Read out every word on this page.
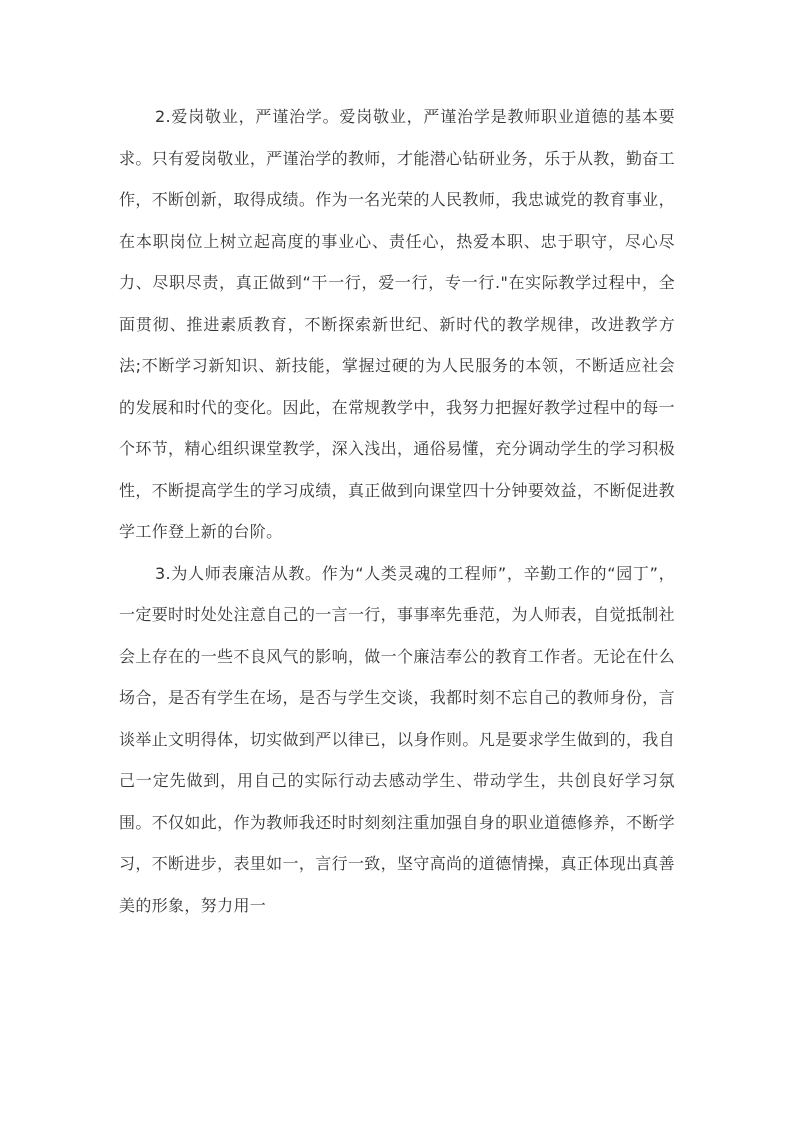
2.爱岗敬业，严谨治学。爱岗敬业，严谨治学是教师职业道德的基本要求。只有爱岗敬业，严谨治学的教师，才能潜心钻研业务，乐于从教，勤奋工作，不断创新，取得成绩。作为一名光荣的人民教师，我忠诚党的教育事业，在本职岗位上树立起高度的事业心、责任心，热爱本职、忠于职守，尽心尽力、尽职尽责，真正做到“干一行，爱一行，专一行."在实际教学过程中，全面贯彻、推进素质教育，不断探索新世纪、新时代的教学规律，改进教学方法;不断学习新知识、新技能，掌握过硬的为人民服务的本领，不断适应社会的发展和时代的变化。因此，在常规教学中，我努力把握好教学过程中的每一个环节，精心组织课堂教学，深入浅出，通俗易懂，充分调动学生的学习积极性，不断提高学生的学习成绩，真正做到向课堂四十分钟要效益，不断促进教学工作登上新的台阶。

3.为人师表廉洁从教。作为“人类灵魂的工程师”，辛勤工作的“园丁”，一定要时时处处注意自己的一言一行，事事率先垂范，为人师表，自觉抵制社会上存在的一些不良风气的影响，做一个廉洁奉公的教育工作者。无论在什么场合，是否有学生在场，是否与学生交谈，我都时刻不忘自己的教师身份，言谈举止文明得体，切实做到严以律已，以身作则。凡是要求学生做到的，我自己一定先做到，用自己的实际行动去感动学生、带动学生，共创良好学习氛围。不仅如此，作为教师我还时时刻刻注重加强自身的职业道德修养，不断学习，不断进步，表里如一，言行一致，坚守高尚的道德情操，真正体现出真善美的形象，努力用一
